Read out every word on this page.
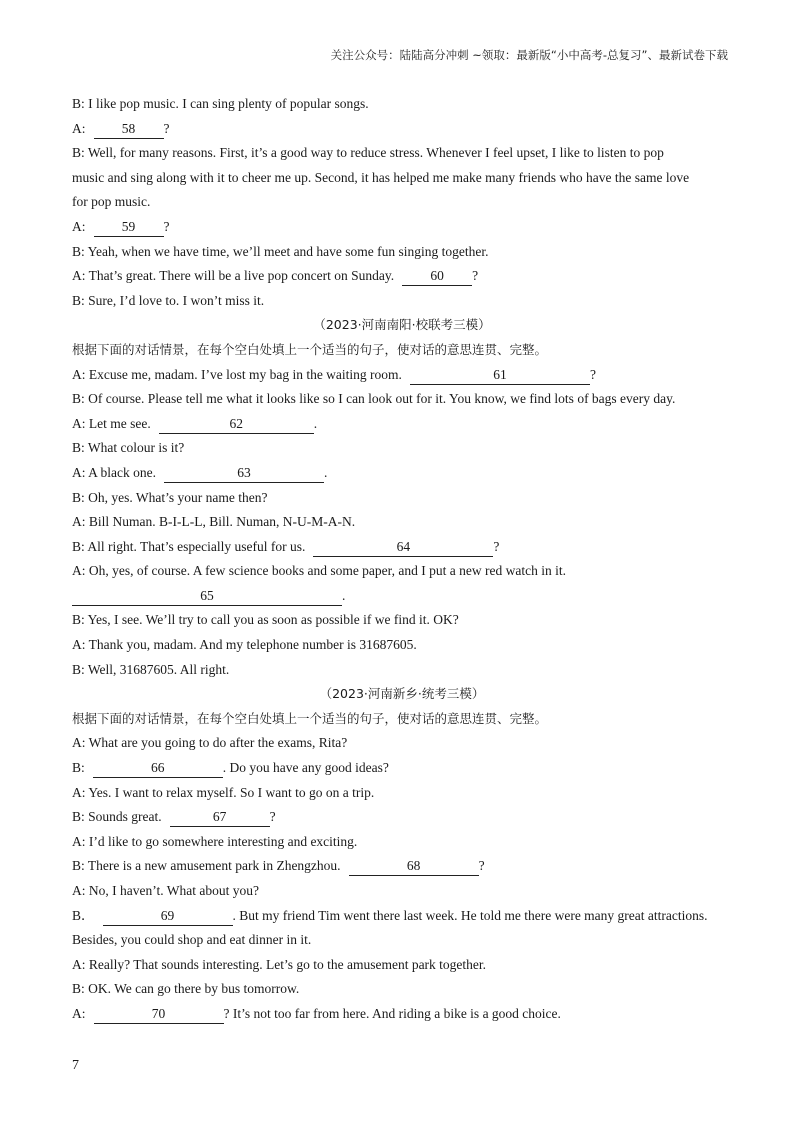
关注公众号：陆陆高分冲刺 ~领取：最新版“小中高考-总复习”、最新试卷下载
B: I like pop music. I can sing plenty of popular songs.
A:	58 ?
B: Well, for many reasons. First, it’s a good way to reduce stress. Whenever I feel upset, I like to listen to pop
music and sing along with it to cheer me up. Second, it has helped me make many friends who have the same love
for pop music.
A:	59 ?
B: Yeah, when we have time, we’ll meet and have some fun singing together.
A: That’s great. There will be a live pop concert on Sunday.	60 ?
B: Sure, I’d love to. I won’t miss it.
（2023·河南南阳·校联考三模）
根据下面的对话情景，在每个空白处填上一个适当的句子，使对话的意思连贯、完整。
A: Excuse me, madam. I’ve lost my bag in the waiting room.	61	?
B: Of course. Please tell me what it looks like so I can look out for it. You know, we find lots of bags every day.
A: Let me see.	62	.
B: What colour is it?
A: A black one.	63	.
B: Oh, yes. What’s your name then?
A: Bill Numan. B-I-L-L, Bill. Numan, N-U-M-A-N.
B: All right. That’s especially useful for us.	64	?
A: Oh, yes, of course. A few science books and some paper, and I put a new red watch in it.
65	.
B: Yes, I see. We’ll try to call you as soon as possible if we find it. OK?
A: Thank you, madam. And my telephone number is 31687605.
B: Well, 31687605. All right.
（2023·河南新乡·统考三模）
根据下面的对话情景，在每个空白处填上一个适当的句子，使对话的意思连贯、完整。
A: What are you going to do after the exams, Rita?
B:	66	. Do you have any good ideas?
A: Yes. I want to relax myself. So I want to go on a trip.
B: Sounds great.	67	?
A: I’d like to go somewhere interesting and exciting.
B: There is a new amusement park in Zhengzhou.	68	?
A: No, I haven’t. What about you?
B．	69	. But my friend Tim went there last week. He told me there were many great attractions.
Besides, you could shop and eat dinner in it.
A: Really? That sounds interesting. Let’s go to the amusement park together.
B: OK. We can go there by bus tomorrow.
A:	70	? It’s not too far from here. And riding a bike is a good choice.
7
